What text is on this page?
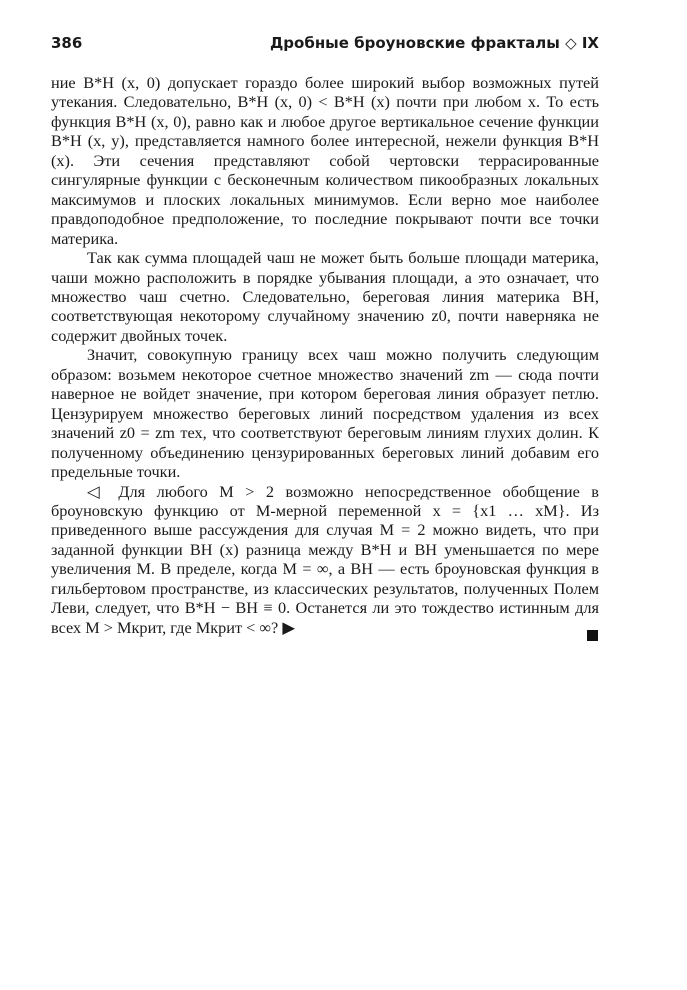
386	Дробные броуновские фракталы ◇ IX

ние B*H (x, 0) допускает гораздо более широкий выбор возможных путей утекания. Следовательно, B*H (x, 0) < B*H (x) почти при любом x. То есть функция B*H (x, 0), равно как и любое другое вертикальное сечение функции B*H (x, y), представляется намного более интересной, нежели функция B*H (x). Эти сечения представляют собой чертовски террасированные сингулярные функции с бесконечным количеством пикообразных локальных максимумов и плоских локальных минимумов. Если верно мое наиболее правдоподобное предположение, то последние покрывают почти все точки материка.

Так как сумма площадей чаш не может быть больше площади материка, чаши можно расположить в порядке убывания площади, а это означает, что множество чаш счетно. Следовательно, береговая линия материка BH, соответствующая некоторому случайному значению z0, почти наверняка не содержит двойных точек.

Значит, совокупную границу всех чаш можно получить следующим образом: возьмем некоторое счетное множество значений zm — сюда почти наверное не войдет значение, при котором береговая линия образует петлю. Цензурируем множество береговых линий посредством удаления из всех значений z0 = zm тех, что соответствуют береговым линиям глухих долин. К полученному объединению цензурированных береговых линий добавим его предельные точки.

◁ Для любого M > 2 возможно непосредственное обобщение в броуновскую функцию от M-мерной переменной x = {x1 … xM}. Из приведенного выше рассуждения для случая M = 2 можно видеть, что при заданной функции BH (x) разница между B*H и BH уменьшается по мере увеличения M. В пределе, когда M = ∞, а BH — есть броуновская функция в гильбертовом пространстве, из классических результатов, полученных Полем Леви, следует, что B*H − BH ≡ 0. Останется ли это тождество истинным для всех M > Mкрит, где Mкрит < ∞? ▶
